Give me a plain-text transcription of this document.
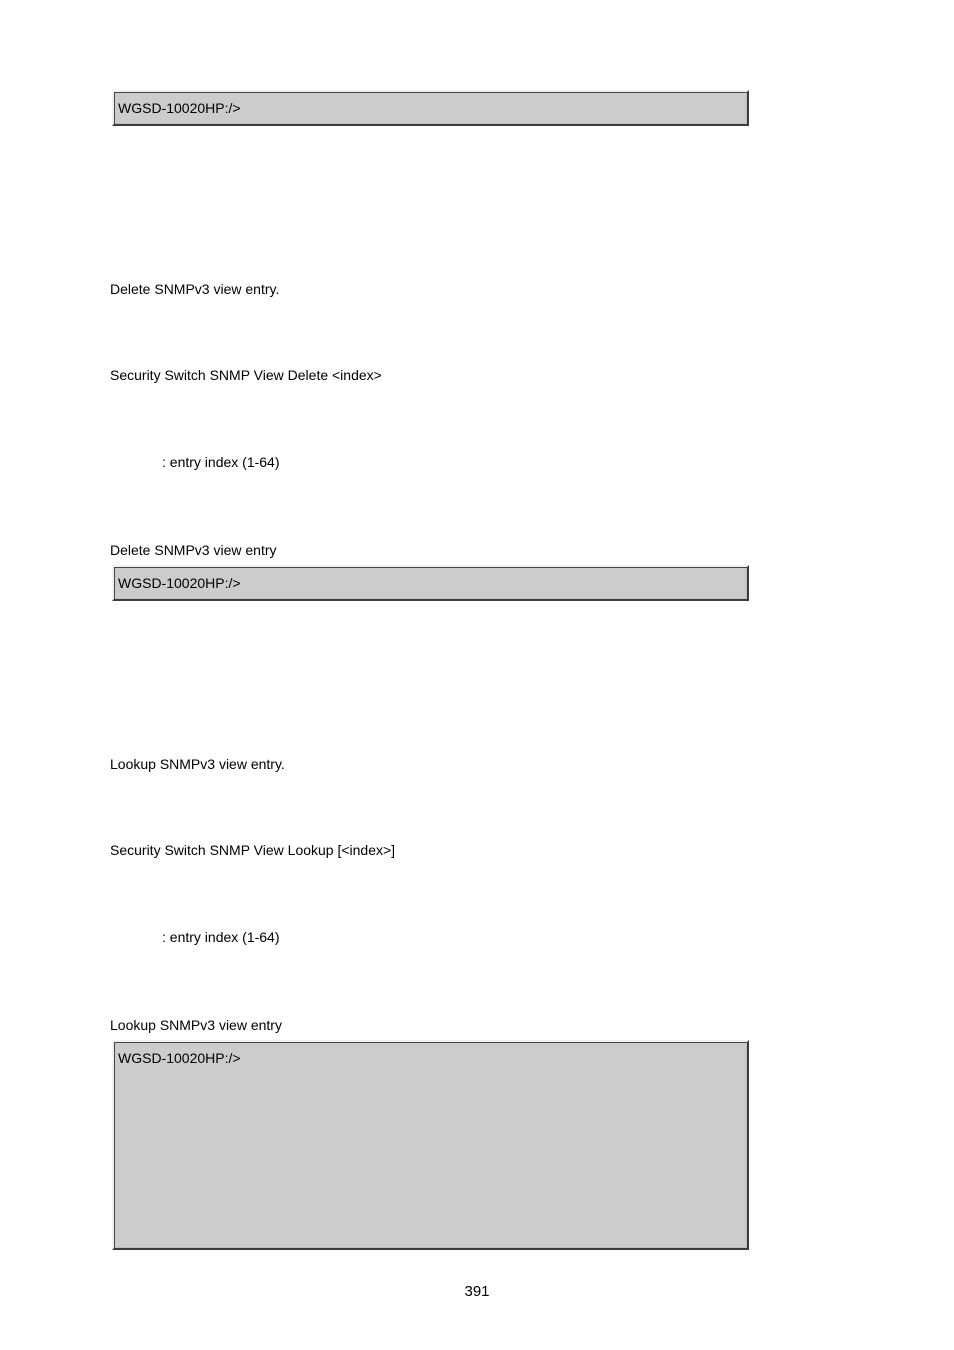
WGSD-10020HP:/>
Delete SNMPv3 view entry.
Security Switch SNMP View Delete <index>
: entry index (1-64)
Delete SNMPv3 view entry
WGSD-10020HP:/>
Lookup SNMPv3 view entry.
Security Switch SNMP View Lookup [<index>]
: entry index (1-64)
Lookup SNMPv3 view entry
WGSD-10020HP:/>
391
